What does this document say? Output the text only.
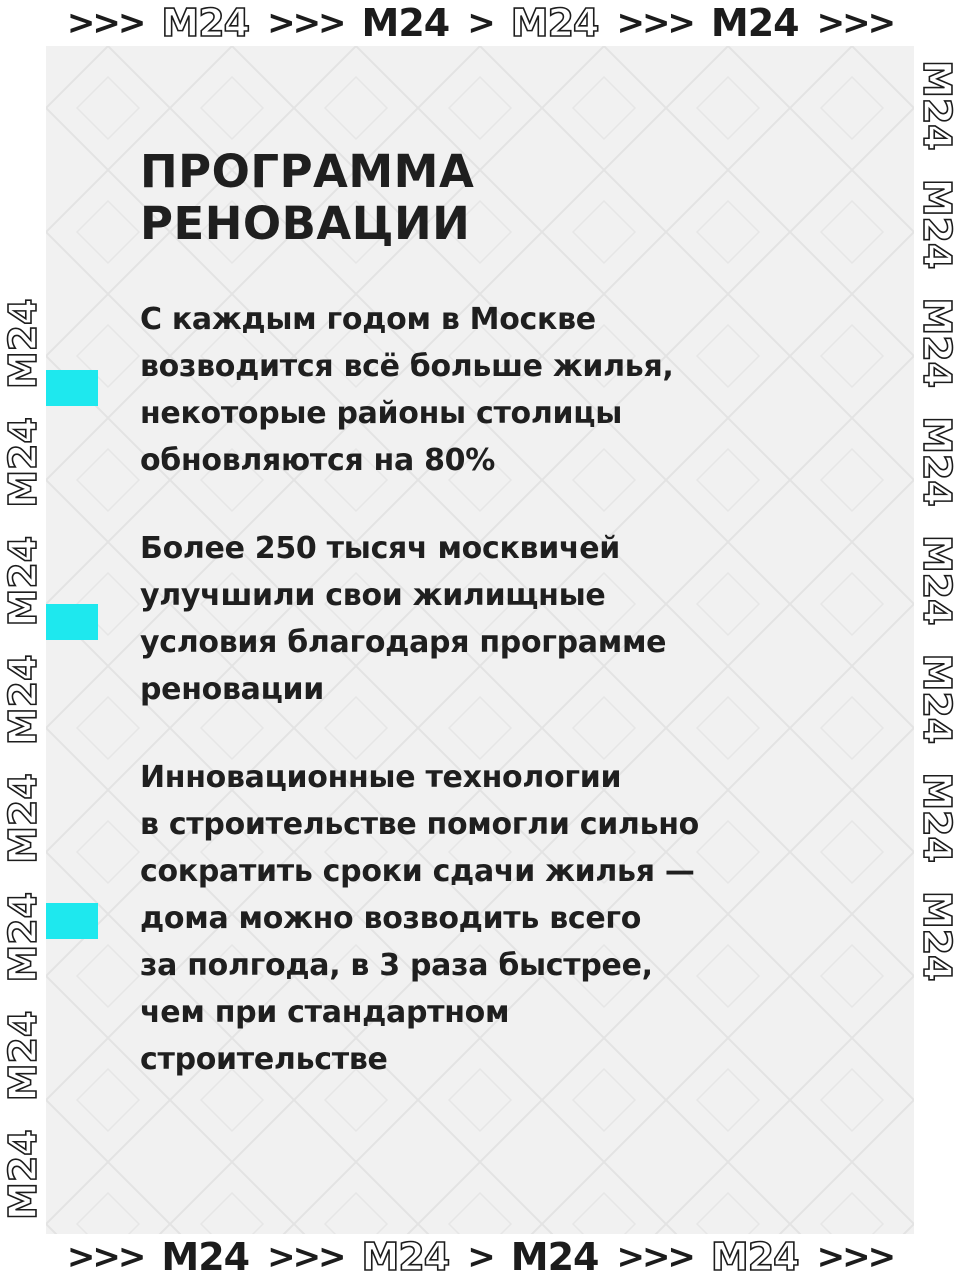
>>> M24 >>> M24 > M24 >>> M24 >>>
M24
M24
M24
M24
M24
M24
M24
M24
M24
M24
M24
M24
M24
M24
M24
M24
ПРОГРАММА
РЕНОВАЦИИ

С каждым годом в Москве
возводится всё больше жилья,
некоторые районы столицы
обновляются на 80%

Более 250 тысяч москвичей
улучшили свои жилищные
условия благодаря программе
реновации

Инновационные технологии
в строительстве помогли сильно
сократить сроки сдачи жилья —
дома можно возводить всего
за полгода, в 3 раза быстрее,
чем при стандартном
строительстве

>>> M24 >>> M24 > M24 >>> M24 >>>
